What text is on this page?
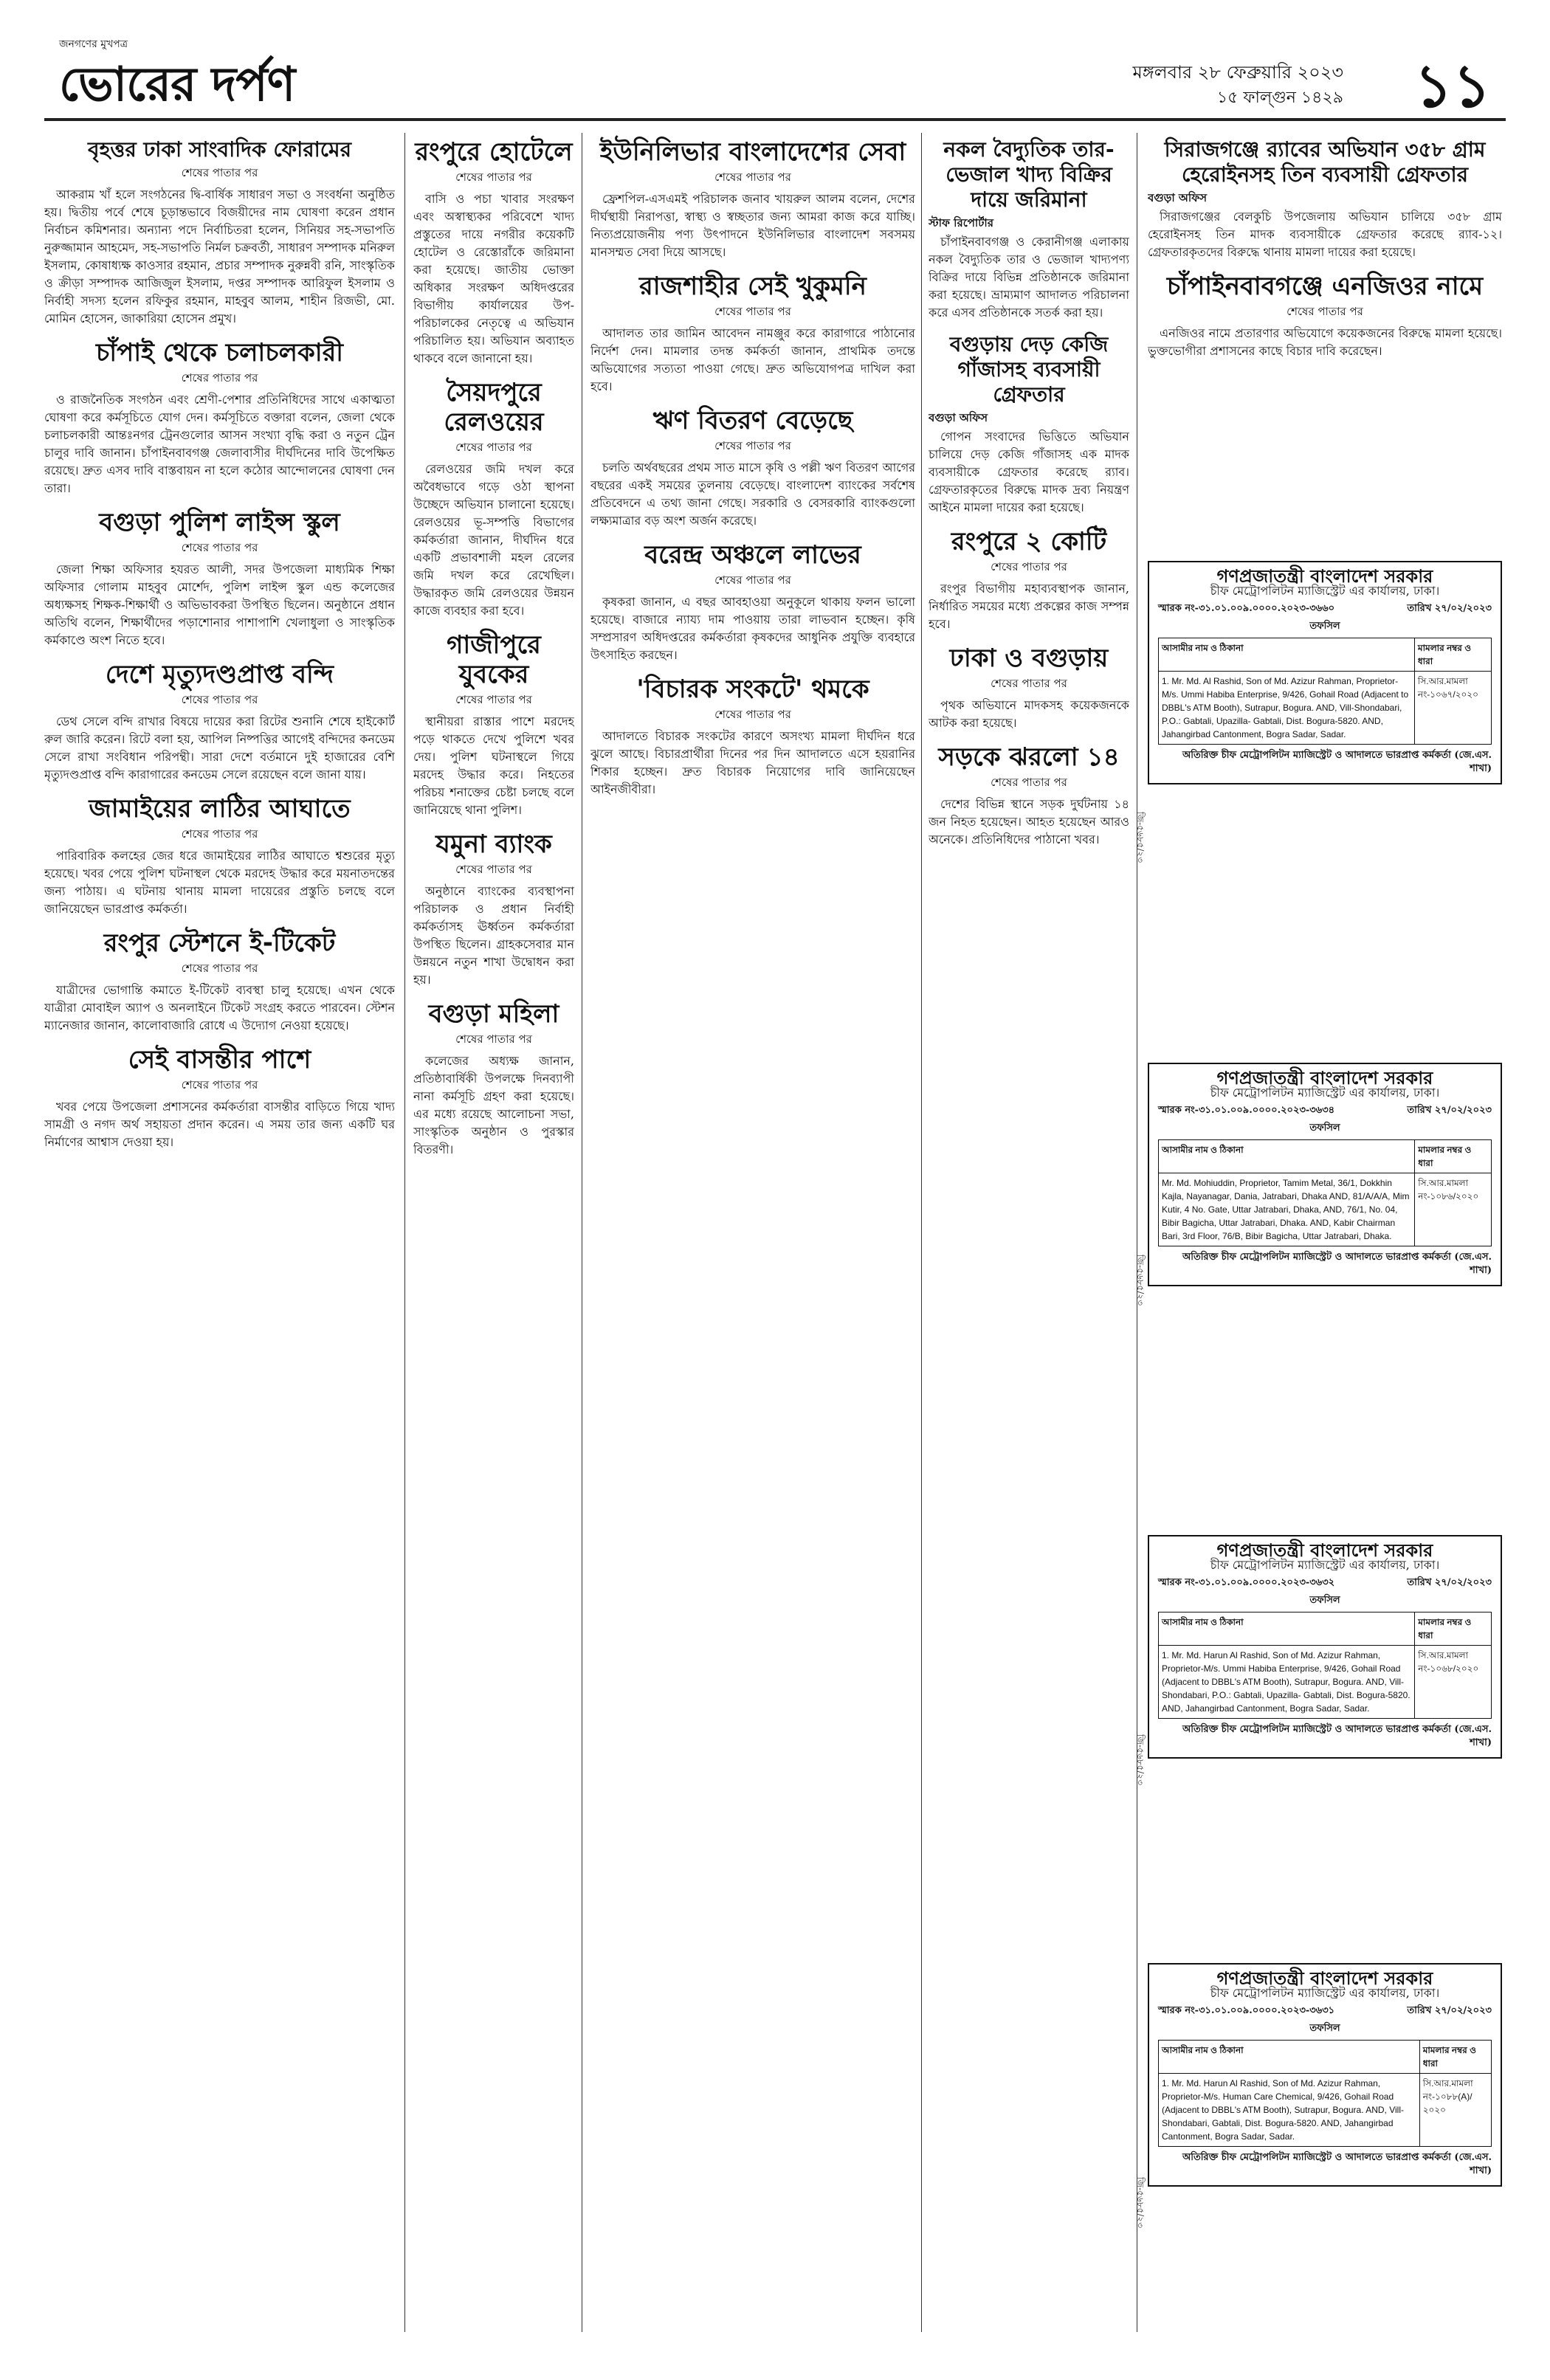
জনগণের মুখপত্র
ভোরের দর্পণ	মঙ্গলবার ২৮ ফেব্রুয়ারি ২০২৩
১৫ ফাল্গুন ১৪২৯ ১১
বৃহত্তর ঢাকা সাংবাদিক ফোরামের
শেষের পাতার পর

আকরাম খাঁ হলে সংগঠনের দ্বি-বার্ষিক সাধারণ সভা ও সংবর্ধনা অনুষ্ঠিত হয়। দ্বিতীয় পর্বে শেষে চূড়ান্তভাবে বিজয়ীদের নাম ঘোষণা করেন প্রধান নির্বাচন কমিশনার। অন্যান্য পদে নির্বাচিতরা হলেন, সিনিয়র সহ-সভাপতি নুরুজ্জামান আহমেদ, সহ-সভাপতি নির্মল চক্রবর্তী, সাধারণ সম্পাদক মনিরুল ইসলাম, কোষাধ্যক্ষ কাওসার রহমান, প্রচার সম্পাদক নুরুন্নবী রনি, সাংস্কৃতিক ও ক্রীড়া সম্পাদক আজিজুল ইসলাম, দপ্তর সম্পাদক আরিফুল ইসলাম ও নির্বাহী সদস্য হলেন রফিকুর রহমান, মাহবুব আলম, শাহীন রিজভী, মো. মোমিন হোসেন, জাকারিয়া হোসেন প্রমুখ।

চাঁপাই থেকে চলাচলকারী
শেষের পাতার পর

ও রাজনৈতিক সংগঠন এবং শ্রেণী-পেশার প্রতিনিধিদের সাথে একাত্মতা ঘোষণা করে কর্মসূচিতে যোগ দেন। কর্মসূচিতে বক্তারা বলেন, জেলা থেকে চলাচলকারী আন্তঃনগর ট্রেনগুলোর আসন সংখ্যা বৃদ্ধি করা ও নতুন ট্রেন চালুর দাবি জানান। চাঁপাইনবাবগঞ্জ জেলাবাসীর দীর্ঘদিনের দাবি উপেক্ষিত রয়েছে। দ্রুত এসব দাবি বাস্তবায়ন না হলে কঠোর আন্দোলনের ঘোষণা দেন তারা।

বগুড়া পুলিশ লাইন্স স্কুল
শেষের পাতার পর

জেলা শিক্ষা অফিসার হযরত আলী, সদর উপজেলা মাধ্যমিক শিক্ষা অফিসার গোলাম মাহবুব মোর্শেদ, পুলিশ লাইন্স স্কুল এন্ড কলেজের অধ্যক্ষসহ শিক্ষক-শিক্ষার্থী ও অভিভাবকরা উপস্থিত ছিলেন। অনুষ্ঠানে প্রধান অতিথি বলেন, শিক্ষার্থীদের পড়াশোনার পাশাপাশি খেলাধুলা ও সাংস্কৃতিক কর্মকাণ্ডে অংশ নিতে হবে।

দেশে মৃত্যুদণ্ডপ্রাপ্ত বন্দি
শেষের পাতার পর

ডেথ সেলে বন্দি রাখার বিষয়ে দায়ের করা রিটের শুনানি শেষে হাইকোর্ট রুল জারি করেন। রিটে বলা হয়, আপিল নিষ্পত্তির আগেই বন্দিদের কনডেম সেলে রাখা সংবিধান পরিপন্থী। সারা দেশে বর্তমানে দুই হাজারের বেশি মৃত্যুদণ্ডপ্রাপ্ত বন্দি কারাগারের কনডেম সেলে রয়েছেন বলে জানা যায়।

জামাইয়ের লাঠির আঘাতে
শেষের পাতার পর

পারিবারিক কলহের জের ধরে জামাইয়ের লাঠির আঘাতে শ্বশুরের মৃত্যু হয়েছে। খবর পেয়ে পুলিশ ঘটনাস্থল থেকে মরদেহ উদ্ধার করে ময়নাতদন্তের জন্য পাঠায়। এ ঘটনায় থানায় মামলা দায়েরের প্রস্তুতি চলছে বলে জানিয়েছেন ভারপ্রাপ্ত কর্মকর্তা।

রংপুর স্টেশনে ই-টিকেট
শেষের পাতার পর

যাত্রীদের ভোগান্তি কমাতে ই-টিকেট ব্যবস্থা চালু হয়েছে। এখন থেকে যাত্রীরা মোবাইল অ্যাপ ও অনলাইনে টিকেট সংগ্রহ করতে পারবেন। স্টেশন ম্যানেজার জানান, কালোবাজারি রোধে এ উদ্যোগ নেওয়া হয়েছে।

সেই বাসন্তীর পাশে
শেষের পাতার পর

খবর পেয়ে উপজেলা প্রশাসনের কর্মকর্তারা বাসন্তীর বাড়িতে গিয়ে খাদ্য সামগ্রী ও নগদ অর্থ সহায়তা প্রদান করেন। এ সময় তার জন্য একটি ঘর নির্মাণের আশ্বাস দেওয়া হয়।

রংপুরে হোটেলে
শেষের পাতার পর

বাসি ও পচা খাবার সংরক্ষণ এবং অস্বাস্থ্যকর পরিবেশে খাদ্য প্রস্তুতের দায়ে নগরীর কয়েকটি হোটেল ও রেস্তোরাঁকে জরিমানা করা হয়েছে। জাতীয় ভোক্তা অধিকার সংরক্ষণ অধিদপ্তরের বিভাগীয় কার্যালয়ের উপ-পরিচালকের নেতৃত্বে এ অভিযান পরিচালিত হয়। অভিযান অব্যাহত থাকবে বলে জানানো হয়।

সৈয়দপুরে রেলওয়ের
শেষের পাতার পর

রেলওয়ের জমি দখল করে অবৈধভাবে গড়ে ওঠা স্থাপনা উচ্ছেদে অভিযান চালানো হয়েছে। রেলওয়ের ভূ-সম্পত্তি বিভাগের কর্মকর্তারা জানান, দীর্ঘদিন ধরে একটি প্রভাবশালী মহল রেলের জমি দখল করে রেখেছিল। উদ্ধারকৃত জমি রেলওয়ের উন্নয়ন কাজে ব্যবহার করা হবে।

গাজীপুরে যুবকের
শেষের পাতার পর

স্থানীয়রা রাস্তার পাশে মরদেহ পড়ে থাকতে দেখে পুলিশে খবর দেয়। পুলিশ ঘটনাস্থলে গিয়ে মরদেহ উদ্ধার করে। নিহতের পরিচয় শনাক্তের চেষ্টা চলছে বলে জানিয়েছে থানা পুলিশ।

যমুনা ব্যাংক
শেষের পাতার পর

অনুষ্ঠানে ব্যাংকের ব্যবস্থাপনা পরিচালক ও প্রধান নির্বাহী কর্মকর্তাসহ ঊর্ধ্বতন কর্মকর্তারা উপস্থিত ছিলেন। গ্রাহকসেবার মান উন্নয়নে নতুন শাখা উদ্বোধন করা হয়।

বগুড়া মহিলা
শেষের পাতার পর

কলেজের অধ্যক্ষ জানান, প্রতিষ্ঠাবার্ষিকী উপলক্ষে দিনব্যাপী নানা কর্মসূচি গ্রহণ করা হয়েছে। এর মধ্যে রয়েছে আলোচনা সভা, সাংস্কৃতিক অনুষ্ঠান ও পুরস্কার বিতরণী।

ইউনিলিভার বাংলাদেশের সেবা
শেষের পাতার পর

ফ্রেশপিল-এসএমই পরিচালক জনাব খায়রুল আলম বলেন, দেশের দীর্ঘস্থায়ী নিরাপত্তা, স্বাস্থ্য ও স্বচ্ছতার জন্য আমরা কাজ করে যাচ্ছি। নিত্যপ্রয়োজনীয় পণ্য উৎপাদনে ইউনিলিভার বাংলাদেশ সবসময় মানসম্মত সেবা দিয়ে আসছে।

রাজশাহীর সেই খুকুমনি
শেষের পাতার পর

আদালত তার জামিন আবেদন নামঞ্জুর করে কারাগারে পাঠানোর নির্দেশ দেন। মামলার তদন্ত কর্মকর্তা জানান, প্রাথমিক তদন্তে অভিযোগের সত্যতা পাওয়া গেছে। দ্রুত অভিযোগপত্র দাখিল করা হবে।

ঋণ বিতরণ বেড়েছে
শেষের পাতার পর

চলতি অর্থবছরের প্রথম সাত মাসে কৃষি ও পল্লী ঋণ বিতরণ আগের বছরের একই সময়ের তুলনায় বেড়েছে। বাংলাদেশ ব্যাংকের সর্বশেষ প্রতিবেদনে এ তথ্য জানা গেছে। সরকারি ও বেসরকারি ব্যাংকগুলো লক্ষ্যমাত্রার বড় অংশ অর্জন করেছে।

বরেন্দ্র অঞ্চলে লাভের
শেষের পাতার পর

কৃষকরা জানান, এ বছর আবহাওয়া অনুকূলে থাকায় ফলন ভালো হয়েছে। বাজারে ন্যায্য দাম পাওয়ায় তারা লাভবান হচ্ছেন। কৃষি সম্প্রসারণ অধিদপ্তরের কর্মকর্তারা কৃষকদের আধুনিক প্রযুক্তি ব্যবহারে উৎসাহিত করছেন।

'বিচারক সংকটে' থমকে
শেষের পাতার পর

আদালতে বিচারক সংকটের কারণে অসংখ্য মামলা দীর্ঘদিন ধরে ঝুলে আছে। বিচারপ্রার্থীরা দিনের পর দিন আদালতে এসে হয়রানির শিকার হচ্ছেন। দ্রুত বিচারক নিয়োগের দাবি জানিয়েছেন আইনজীবীরা।

নকল বৈদ্যুতিক তার-ভেজাল খাদ্য বিক্রির দায়ে জরিমানা
স্টাফ রিপোর্টার

চাঁপাইনবাবগঞ্জ ও কেরানীগঞ্জ এলাকায় নকল বৈদ্যুতিক তার ও ভেজাল খাদ্যপণ্য বিক্রির দায়ে বিভিন্ন প্রতিষ্ঠানকে জরিমানা করা হয়েছে। ভ্রাম্যমাণ আদালত পরিচালনা করে এসব প্রতিষ্ঠানকে সতর্ক করা হয়।

বগুড়ায় দেড় কেজি গাঁজাসহ ব্যবসায়ী গ্রেফতার
বগুড়া অফিস

গোপন সংবাদের ভিত্তিতে অভিযান চালিয়ে দেড় কেজি গাঁজাসহ এক মাদক ব্যবসায়ীকে গ্রেফতার করেছে র‌্যাব। গ্রেফতারকৃতের বিরুদ্ধে মাদক দ্রব্য নিয়ন্ত্রণ আইনে মামলা দায়ের করা হয়েছে।

রংপুরে ২ কোটি
শেষের পাতার পর

রংপুর বিভাগীয় মহাব্যবস্থাপক জানান, নির্ধারিত সময়ের মধ্যে প্রকল্পের কাজ সম্পন্ন হবে।

ঢাকা ও বগুড়ায়
শেষের পাতার পর

পৃথক অভিযানে মাদকসহ কয়েকজনকে আটক করা হয়েছে।

সড়কে ঝরলো ১৪
শেষের পাতার পর

দেশের বিভিন্ন স্থানে সড়ক দুর্ঘটনায় ১৪ জন নিহত হয়েছেন। আহত হয়েছেন আরও অনেকে। প্রতিনিধিদের পাঠানো খবর।

সিরাজগঞ্জে র‌্যাবের অভিযান ৩৫৮ গ্রাম হেরোইনসহ তিন ব্যবসায়ী গ্রেফতার
বগুড়া অফিস

সিরাজগঞ্জের বেলকুচি উপজেলায় অভিযান চালিয়ে ৩৫৮ গ্রাম হেরোইনসহ তিন মাদক ব্যবসায়ীকে গ্রেফতার করেছে র‌্যাব-১২। গ্রেফতারকৃতদের বিরুদ্ধে থানায় মামলা দায়ের করা হয়েছে।

চাঁপাইনবাবগঞ্জে এনজিওর নামে
শেষের পাতার পর

এনজিওর নামে প্রতারণার অভিযোগে কয়েকজনের বিরুদ্ধে মামলা হয়েছে। ভুক্তভোগীরা প্রশাসনের কাছে বিচার দাবি করেছেন।

গণপ্রজাতন্ত্রী বাংলাদেশ সরকার
চীফ মেট্রোপলিটন ম্যাজিস্ট্রেট এর কার্যালয়, ঢাকা।
স্মারক নং-৩১.০১.০০৯.০০০০.২০২৩-৩৬৬০	তারিখ ২৭/০২/২০২৩
তফসিল
আসামীর নাম ও ঠিকানা	মামলার নম্বর ও ধারা
1. Mr. Md. Al Rashid, Son of Md. Azizur Rahman, Proprietor-M/s. Ummi Habiba Enterprise, 9/426, Gohail Road (Adjacent to DBBL's ATM Booth), Sutrapur, Bogura. AND, Vill-Shondabari, P.O.: Gabtali, Upazilla- Gabtali, Dist. Bogura-5820. AND, Jahangirbad Cantonment, Bogra Sadar, Sadar.	সি.আর.মামলা নং-১০৬৭/২০২০
অতিরিক্ত চীফ মেট্রোপলিটন ম্যাজিস্ট্রেট ও আদালতে ভারপ্রাপ্ত কর্মকর্তা (জে.এস. শাখা)
গণপ্রজাতন্ত্রী বাংলাদেশ সরকার
চীফ মেট্রোপলিটন ম্যাজিস্ট্রেট এর কার্যালয়, ঢাকা।
স্মারক নং-৩১.০১.০০৯.০০০০.২০২৩-৩৬৩৪	তারিখ ২৭/০২/২০২৩
তফসিল
আসামীর নাম ও ঠিকানা	মামলার নম্বর ও ধারা
Mr. Md. Mohiuddin, Proprietor, Tamim Metal, 36/1, Dokkhin Kajla, Nayanagar, Dania, Jatrabari, Dhaka AND, 81/A/A/A, Mim Kutir, 4 No. Gate, Uttar Jatrabari, Dhaka, AND, 76/1, No. 04, Bibir Bagicha, Uttar Jatrabari, Dhaka. AND, Kabir Chairman Bari, 3rd Floor, 76/B, Bibir Bagicha, Uttar Jatrabari, Dhaka.	সি.আর.মামলা নং-১০৮৬/২০২০
অতিরিক্ত চীফ মেট্রোপলিটন ম্যাজিস্ট্রেট ও আদালতে ভারপ্রাপ্ত কর্মকর্তা (জে.এস. শাখা)
গণপ্রজাতন্ত্রী বাংলাদেশ সরকার
চীফ মেট্রোপলিটন ম্যাজিস্ট্রেট এর কার্যালয়, ঢাকা।
স্মারক নং-৩১.০১.০০৯.০০০০.২০২৩-৩৬৩২	তারিখ ২৭/০২/২০২৩
তফসিল
আসামীর নাম ও ঠিকানা	মামলার নম্বর ও ধারা
1. Mr. Md. Harun Al Rashid, Son of Md. Azizur Rahman, Proprietor-M/s. Ummi Habiba Enterprise, 9/426, Gohail Road (Adjacent to DBBL's ATM Booth), Sutrapur, Bogura. AND, Vill-Shondabari, P.O.: Gabtali, Upazilla- Gabtali, Dist. Bogura-5820. AND, Jahangirbad Cantonment, Bogra Sadar, Sadar.	সি.আর.মামলা নং-১০৬৮/২০২০
অতিরিক্ত চীফ মেট্রোপলিটন ম্যাজিস্ট্রেট ও আদালতে ভারপ্রাপ্ত কর্মকর্তা (জে.এস. শাখা)
গণপ্রজাতন্ত্রী বাংলাদেশ সরকার
চীফ মেট্রোপলিটন ম্যাজিস্ট্রেট এর কার্যালয়, ঢাকা।
স্মারক নং-৩১.০১.০০৯.০০০০.২০২৩-৩৬৩১	তারিখ ২৭/০২/২০২৩
তফসিল
আসামীর নাম ও ঠিকানা	মামলার নম্বর ও ধারা
1. Mr. Md. Harun Al Rashid, Son of Md. Azizur Rahman, Proprietor-M/s. Human Care Chemical, 9/426, Gohail Road (Adjacent to DBBL's ATM Booth), Sutrapur, Bogura. AND, Vill-Shondabari, Gabtali, Dist. Bogura-5820. AND, Jahangirbad Cantonment, Bogra Sadar, Sadar.	সি.আর.মামলা নং-১০৮৮(A)/২০২০
অতিরিক্ত চীফ মেট্রোপলিটন ম্যাজিস্ট্রেট ও আদালতে ভারপ্রাপ্ত কর্মকর্তা (জে.এস. শাখা)
জি-৫৬৮৫/২৩
জি-৫৬৮৫/২৩
জি-৫৬৮৫/২৩
জি-৫৬৮৫/২৩
